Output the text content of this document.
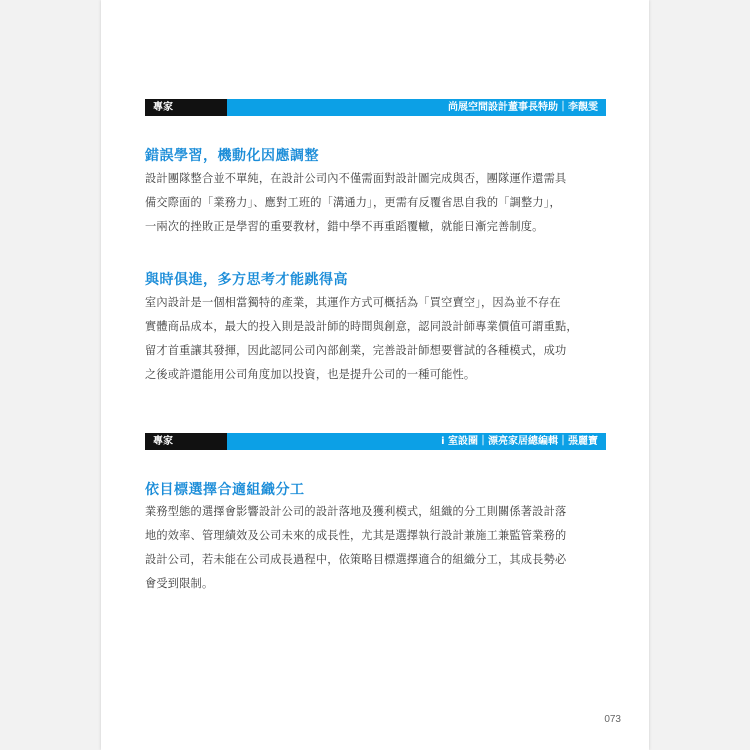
專家	尚展空間設計董事長特助｜李靚雯
錯誤學習，機動化因應調整
設計團隊整合並不單純，在設計公司內不僅需面對設計圖完成與否，團隊運作還需具
備交際面的「業務力」、應對工班的「溝通力」，更需有反覆省思自我的「調整力」，
一兩次的挫敗正是學習的重要教材，錯中學不再重蹈覆轍，就能日漸完善制度。
與時俱進，多方思考才能跳得高
室內設計是一個相當獨特的產業，其運作方式可概括為「買空賣空」，因為並不存在
實體商品成本，最大的投入則是設計師的時間與創意，認同設計師專業價值可謂重點，
留才首重讓其發揮，因此認同公司內部創業，完善設計師想要嘗試的各種模式，成功
之後或許還能用公司角度加以投資，也是提升公司的一種可能性。
專家	i 室設圈｜漂亮家居總編輯｜張麗寶
依目標選擇合適組織分工
業務型態的選擇會影響設計公司的設計落地及獲利模式，組織的分工則關係著設計落
地的效率、管理績效及公司未來的成長性，尤其是選擇執行設計兼施工兼監管業務的
設計公司，若未能在公司成長過程中，依策略目標選擇適合的組織分工，其成長勢必
會受到限制。
073
